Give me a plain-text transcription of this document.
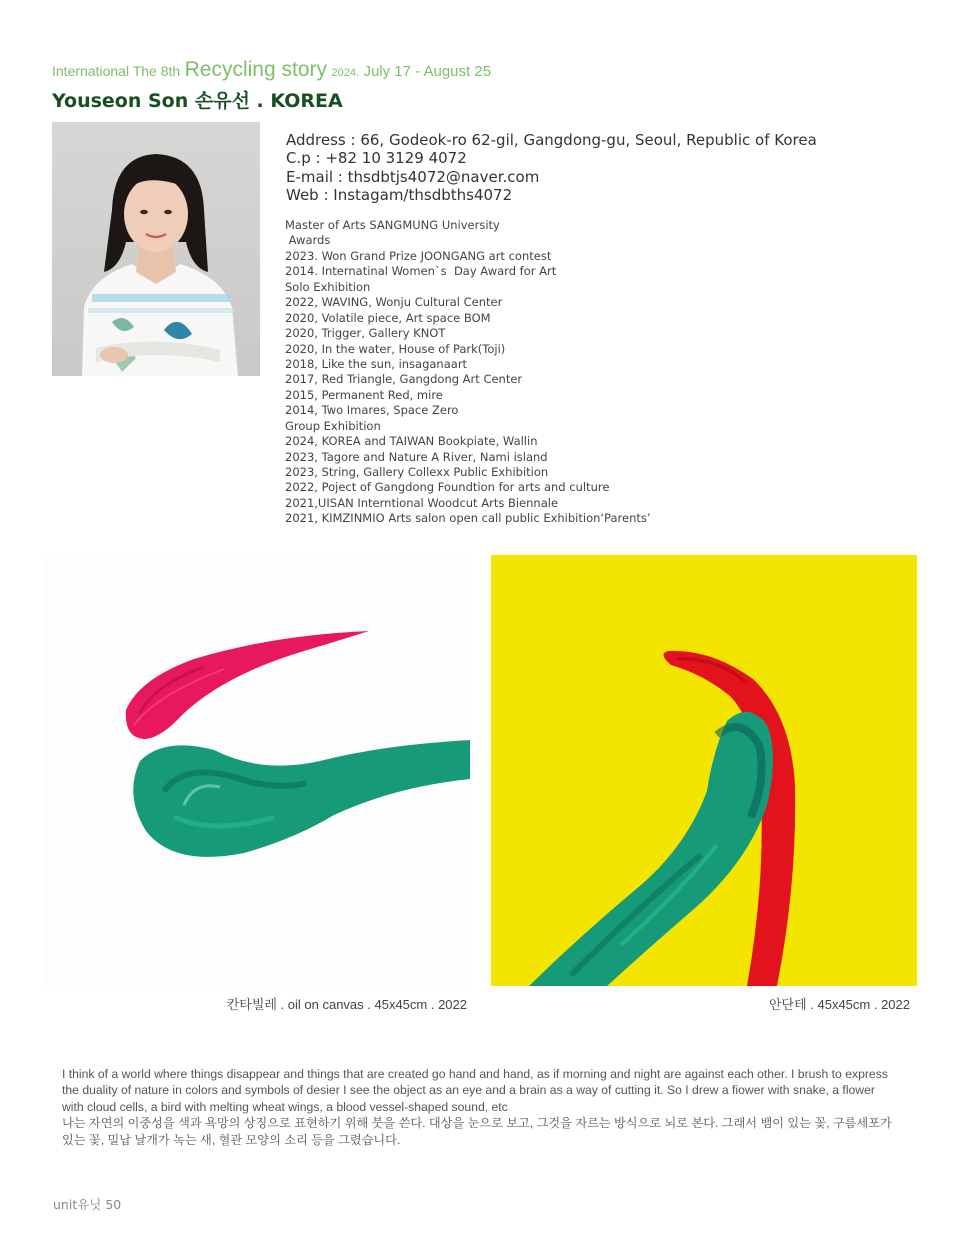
International The 8th Recycling story 2024. July 17 - August 25
Youseon Son 손유선 . KOREA
Address : 66, Godeok-ro 62-gil, Gangdong-gu, Seoul, Republic of Korea
C.p : +82 10 3129 4072
E-mail : thsdbtjs4072@naver.com
Web : Instagam/thsdbths4072
Master of Arts SANGMUNG University
Awards
2023. Won Grand Prize JOONGANG art contest
2014. Internatinal Women`s  Day Award for Art
Solo Exhibition
2022, WAVING, Wonju Cultural Center
2020, Volatile piece, Art space BOM
2020, Trigger, Gallery KNOT
2020, In the water, House of Park(Toji)
2018, Like the sun, insaganaart
2017, Red Triangle, Gangdong Art Center
2015, Permanent Red, mire
2014, Two Imares, Space Zero
Group Exhibition
2024, KOREA and TAIWAN Bookpiate, Wallin
2023, Tagore and Nature A River, Nami island
2023, String, Gallery Collexx Public Exhibition
2022, Poject of Gangdong Foundtion for arts and culture
2021,UISAN Interntional Woodcut Arts Biennale
2021, KIMZINMIO Arts salon open call public Exhibition‘Parents’
칸타빌레 . oil on canvas . 45x45cm . 2022	안단테 . 45x45cm . 2022

I think of a world where things disappear and things that are created go hand and hand, as if morning and night are against each other. I brush to express the duality of nature in colors and symbols of desier I see the object as an eye and a brain as a way of cutting it. So I drew a fiower with snake, a flower with cloud cells, a bird with melting wheat wings, a blood vessel-shaped sound, etc

나는 자연의 이중성을 색과 욕망의 상징으로 표현하기 위해 붓을 쓴다. 대상을 눈으로 보고, 그것을 자르는 방식으로 뇌로 본다. 그래서 뱀이 있는 꽃, 구름세포가 있는 꽃, 밀납 날개가 녹는 새, 혈관 모양의 소리 등을 그렸습니다.

unit유닛 50
